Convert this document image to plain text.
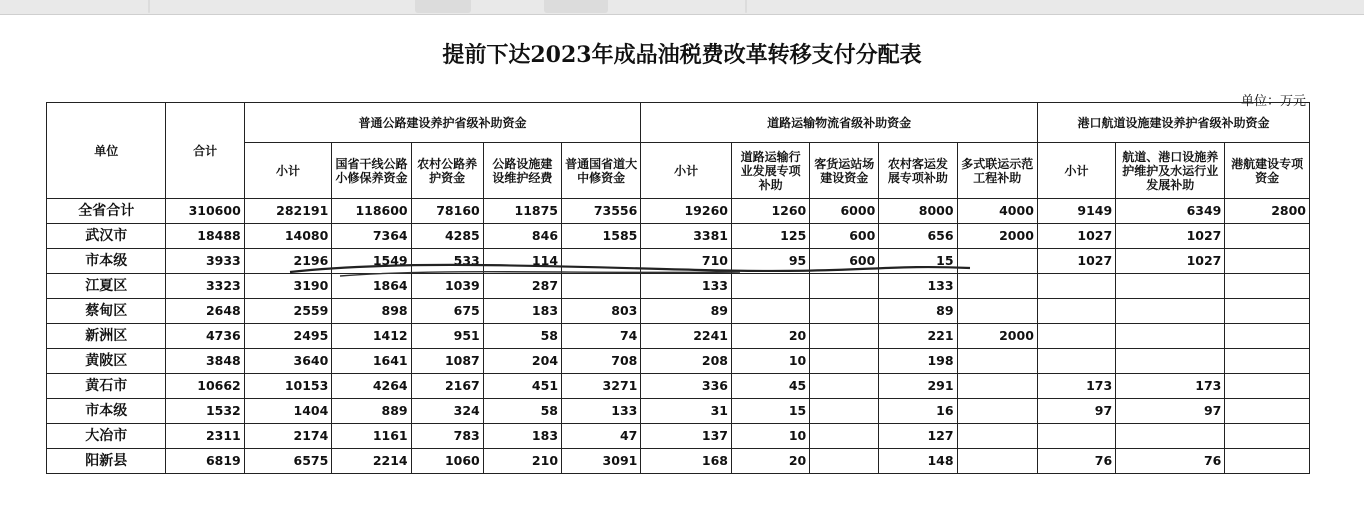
提前下达2023年成品油税费改革转移支付分配表
单位：万元
单位	合计	普通公路建设养护省级补助资金					道路运输物流省级补助资金					港口航道设施建设养护省级补助资金		
		小计	国省干线公路小修保养资金	农村公路养护资金	公路设施建设维护经费	普通国省道大中修资金	小计	道路运输行业发展专项补助	客货运站场建设资金	农村客运发展专项补助	多式联运示范工程补助	小计	航道、港口设施养护维护及水运行业发展补助	港航建设专项资金
全省合计	310600	282191	118600	78160	11875	73556	19260	1260	6000	8000	4000	9149	6349	2800
武汉市	18488	14080	7364	4285	846	1585	3381	125	600	656	2000	1027	1027	
市本级	3933	2196	1549	533	114		710	95	600	15		1027	1027	
江夏区	3323	3190	1864	1039	287		133			133				
蔡甸区	2648	2559	898	675	183	803	89			89				
新洲区	4736	2495	1412	951	58	74	2241	20		221	2000			
黄陂区	3848	3640	1641	1087	204	708	208	10		198				
黄石市	10662	10153	4264	2167	451	3271	336	45		291		173	173	
市本级	1532	1404	889	324	58	133	31	15		16		97	97	
大冶市	2311	2174	1161	783	183	47	137	10		127				
阳新县	6819	6575	2214	1060	210	3091	168	20		148		76	76	
